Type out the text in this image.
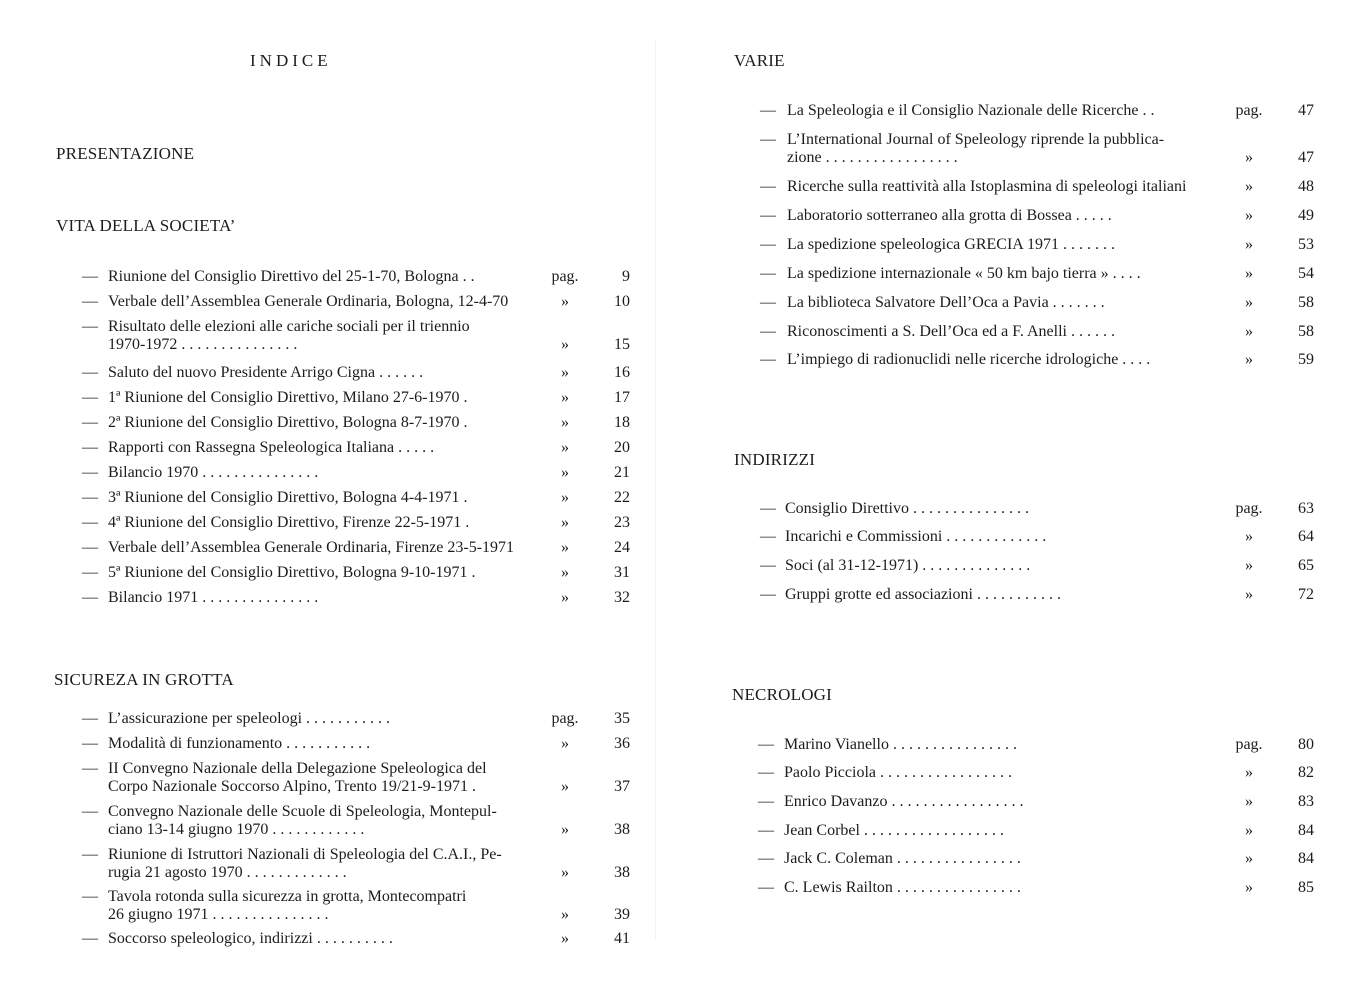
INDICE
PRESENTAZIONE
VITA DELLA SOCIETA’
SICUREZA IN GROTTA
— Riunione del Consiglio Direttivo del 25-1-70, Bologna . .	pag.	9
— Verbale dell’Assemblea Generale Ordinaria, Bologna, 12-4-70	»	10
— Risultato delle elezioni alle cariche sociali per il triennio
1970-1972 . . . . . . . . . . . . . . .	»	15
— Saluto del nuovo Presidente Arrigo Cigna . . . . . .	»	16
— 1ª Riunione del Consiglio Direttivo, Milano 27-6-1970 .	»	17
— 2ª Riunione del Consiglio Direttivo, Bologna 8-7-1970 .	»	18
— Rapporti con Rassegna Speleologica Italiana . . . . .	»	20
— Bilancio 1970 . . . . . . . . . . . . . . .	»	21
— 3ª Riunione del Consiglio Direttivo, Bologna 4-4-1971 .	»	22
— 4ª Riunione del Consiglio Direttivo, Firenze 22-5-1971 .	»	23
— Verbale dell’Assemblea Generale Ordinaria, Firenze 23-5-1971	»	24
— 5ª Riunione del Consiglio Direttivo, Bologna 9-10-1971 .	»	31
— Bilancio 1971 . . . . . . . . . . . . . . .	»	32
— L’assicurazione per speleologi . . . . . . . . . . .	pag.	35
— Modalità di funzionamento . . . . . . . . . . .	»	36
— II Convegno Nazionale della Delegazione Speleologica del
Corpo Nazionale Soccorso Alpino, Trento 19/21-9-1971 .	»	37
— Convegno Nazionale delle Scuole di Speleologia, Montepul-
ciano 13-14 giugno 1970 . . . . . . . . . . . .	»	38
— Riunione di Istruttori Nazionali di Speleologia del C.A.I., Pe-
rugia 21 agosto 1970 . . . . . . . . . . . . .	»	38
— Tavola rotonda sulla sicurezza in grotta, Montecompatri
26 giugno 1971 . . . . . . . . . . . . . . .	»	39
— Soccorso speleologico, indirizzi . . . . . . . . . .	»	41
VARIE
INDIRIZZI
NECROLOGI
— La Speleologia e il Consiglio Nazionale delle Ricerche . .	pag.	47
— L’International Journal of Speleology riprende la pubblica-
zione . . . . . . . . . . . . . . . . .	»	47
— Ricerche sulla reattività alla Istoplasmina di speleologi italiani	»	48
— Laboratorio sotterraneo alla grotta di Bossea . . . . .	»	49
— La spedizione speleologica GRECIA 1971 . . . . . . .	»	53
— La spedizione internazionale « 50 km bajo tierra » . . . .	»	54
— La biblioteca Salvatore Dell’Oca a Pavia . . . . . . .	»	58
— Riconoscimenti a S. Dell’Oca ed a F. Anelli . . . . . .	»	58
— L’impiego di radionuclidi nelle ricerche idrologiche . . . .	»	59
— Consiglio Direttivo . . . . . . . . . . . . . . .	pag.	63
— Incarichi e Commissioni . . . . . . . . . . . . .	»	64
— Soci (al 31-12-1971) . . . . . . . . . . . . . .	»	65
— Gruppi grotte ed associazioni . . . . . . . . . . .	»	72
— Marino Vianello . . . . . . . . . . . . . . . .	pag.	80
— Paolo Picciola . . . . . . . . . . . . . . . . .	»	82
— Enrico Davanzo . . . . . . . . . . . . . . . . .	»	83
— Jean Corbel . . . . . . . . . . . . . . . . . .	»	84
— Jack C. Coleman . . . . . . . . . . . . . . . .	»	84
— C. Lewis Railton . . . . . . . . . . . . . . . .	»	85
